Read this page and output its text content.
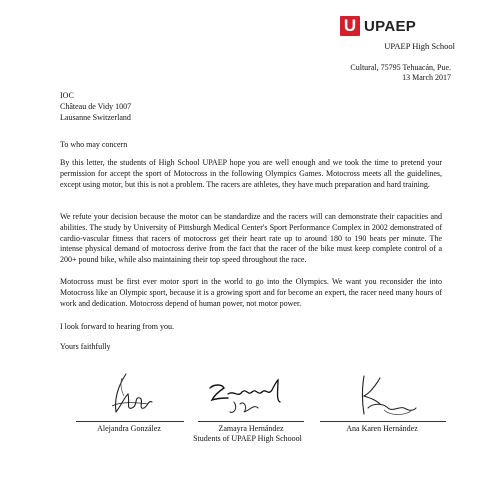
U UPAEP
UPAEP High School
Cultural, 75795 Tehuacán, Pue.
13 March 2017
IOC
Château de Vidy 1007
Lausanne Switzerland

To who may concern

By this letter, the students of High School UPAEP hope you are well enough and we took the time to pretend your permission for accept the sport of Motocross in the following Olympics Games. Motocross meets all the guidelines, except using motor, but this is not a problem. The racers are athletes, they have much preparation and hard training.

We refute your decision because the motor can be standardize and the racers will can demonstrate their capacities and abilities. The study by University of Pittsburgh Medical Center's Sport Performance Complex in 2002 demonstrated of cardio-vascular fitness that racers of motocross get their heart rate up to around 180 to 190 beats per minute. The intense physical demand of motocross derive from the fact that the racer of the bike must keep complete control of a 200+ pound bike, while also maintaining their top speed throughout the race.

Motocross must be first ever motor sport in the world to go into the Olympics. We want you reconsider the into Motocross like an Olympic sport, because it is a growing sport and for become an expert, the racer need many hours of work and dedication. Motocross depend of human power, not motor power.

I look forward to hearing from you.

Yours faithfully

Alejandra González	Zamayra Hernández	Ana Karen Hernández
Students of UPAEP High Schoool
